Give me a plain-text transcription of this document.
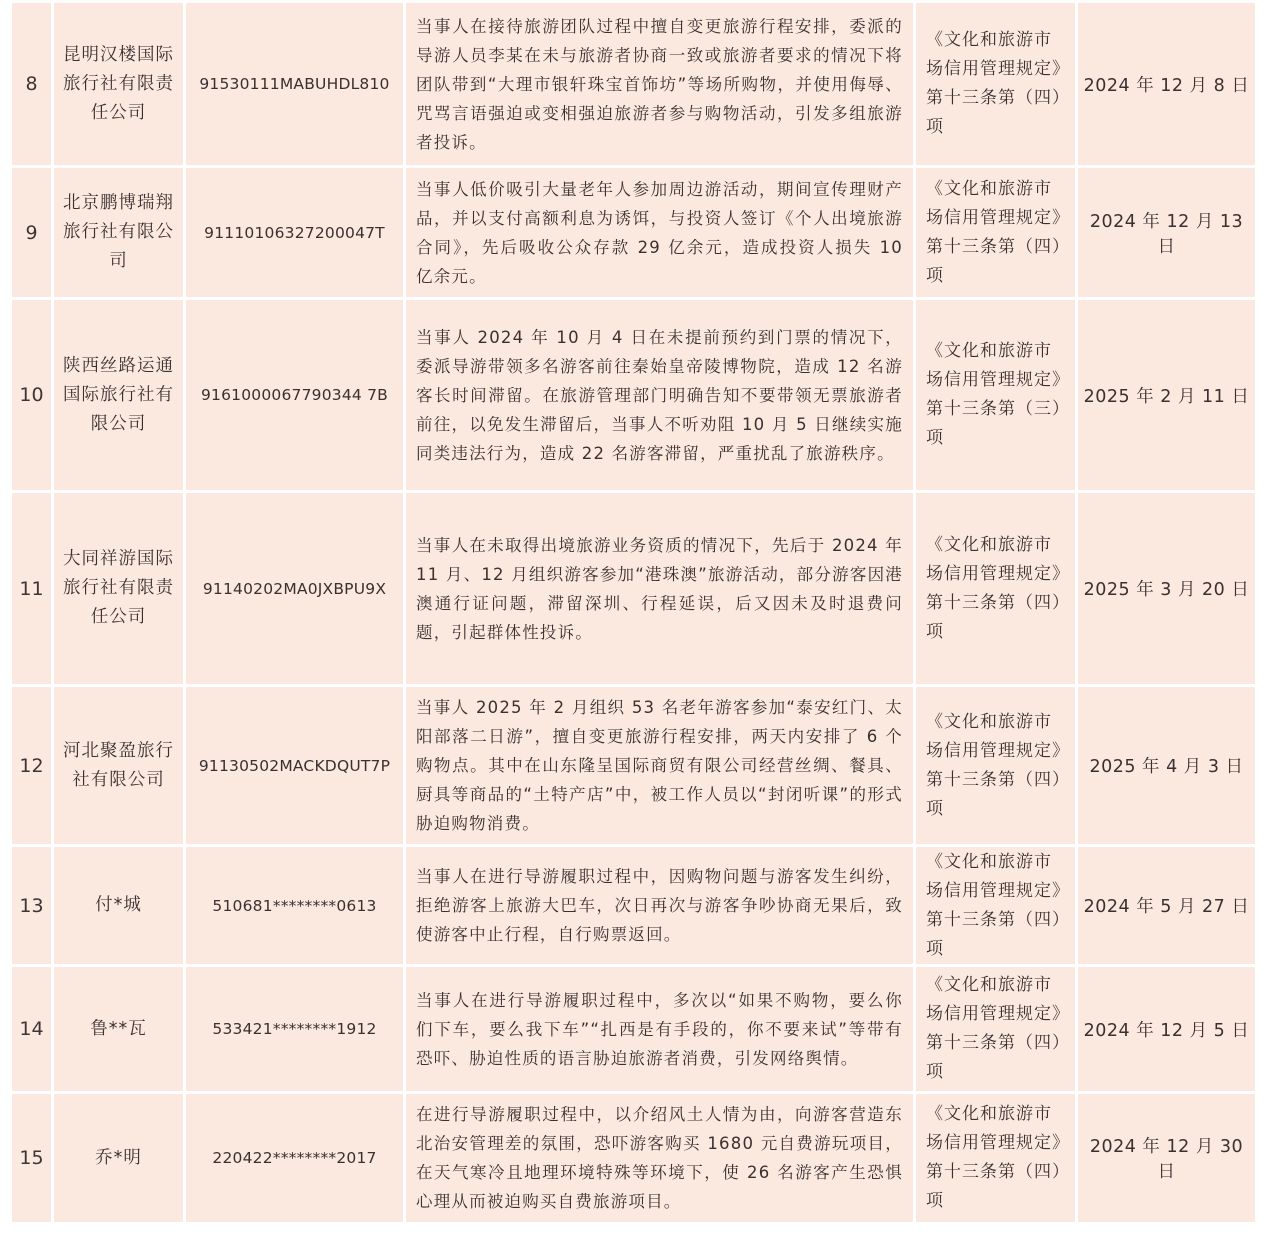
8	昆明汉楼国际旅行社有限责任公司	91530111MABUHDL810	当事人在接待旅游团队过程中擅自变更旅游行程安排，委派的导游人员李某在未与旅游者协商一致或旅游者要求的情况下将团队带到“大理市银轩珠宝首饰坊”等场所购物，并使用侮辱、咒骂言语强迫或变相强迫旅游者参与购物活动，引发多组旅游者投诉。	《文化和旅游市场信用管理规定》第十三条第（四）项	2024 年 12 月 8 日
9	北京鹏博瑞翔旅行社有限公司	91110106327200047T	当事人低价吸引大量老年人参加周边游活动，期间宣传理财产品，并以支付高额利息为诱饵，与投资人签订《个人出境旅游合同》，先后吸收公众存款 29 亿余元，造成投资人损失 10 亿余元。	《文化和旅游市场信用管理规定》第十三条第（四）项	2024 年 12 月 13 日
10	陕西丝路运通国际旅行社有限公司	9161000067790344 7B	当事人 2024 年 10 月 4 日在未提前预约到门票的情况下，委派导游带领多名游客前往秦始皇帝陵博物院，造成 12 名游客长时间滞留。在旅游管理部门明确告知不要带领无票旅游者前往，以免发生滞留后，当事人不听劝阻 10 月 5 日继续实施同类违法行为，造成 22 名游客滞留，严重扰乱了旅游秩序。	《文化和旅游市场信用管理规定》第十三条第（三）项	2025 年 2 月 11 日
11	大同祥游国际旅行社有限责任公司	91140202MA0JXBPU9X	当事人在未取得出境旅游业务资质的情况下，先后于 2024 年 11 月、12 月组织游客参加“港珠澳”旅游活动，部分游客因港澳通行证问题，滞留深圳、行程延误，后又因未及时退费问题，引起群体性投诉。	《文化和旅游市场信用管理规定》第十三条第（四）项	2025 年 3 月 20 日
12	河北聚盈旅行社有限公司	91130502MACKDQUT7P	当事人 2025 年 2 月组织 53 名老年游客参加“泰安红门、太阳部落二日游”，擅自变更旅游行程安排，两天内安排了 6 个购物点。其中在山东隆呈国际商贸有限公司经营丝绸、餐具、厨具等商品的“土特产店”中，被工作人员以“封闭听课”的形式胁迫购物消费。	《文化和旅游市场信用管理规定》第十三条第（四）项	2025 年 4 月 3 日
13	付*城	510681********0613	当事人在进行导游履职过程中，因购物问题与游客发生纠纷，拒绝游客上旅游大巴车，次日再次与游客争吵协商无果后，致使游客中止行程，自行购票返回。	《文化和旅游市场信用管理规定》第十三条第（四）项	2024 年 5 月 27 日
14	鲁**瓦	533421********1912	当事人在进行导游履职过程中，多次以“如果不购物，要么你们下车，要么我下车”“扎西是有手段的，你不要来试”等带有恐吓、胁迫性质的语言胁迫旅游者消费，引发网络舆情。	《文化和旅游市场信用管理规定》第十三条第（四）项	2024 年 12 月 5 日
15	乔*明	220422********2017	在进行导游履职过程中，以介绍风土人情为由，向游客营造东北治安管理差的氛围，恐吓游客购买 1680 元自费游玩项目，在天气寒冷且地理环境特殊等环境下，使 26 名游客产生恐惧心理从而被迫购买自费旅游项目。	《文化和旅游市场信用管理规定》第十三条第（四）项	2024 年 12 月 30 日
